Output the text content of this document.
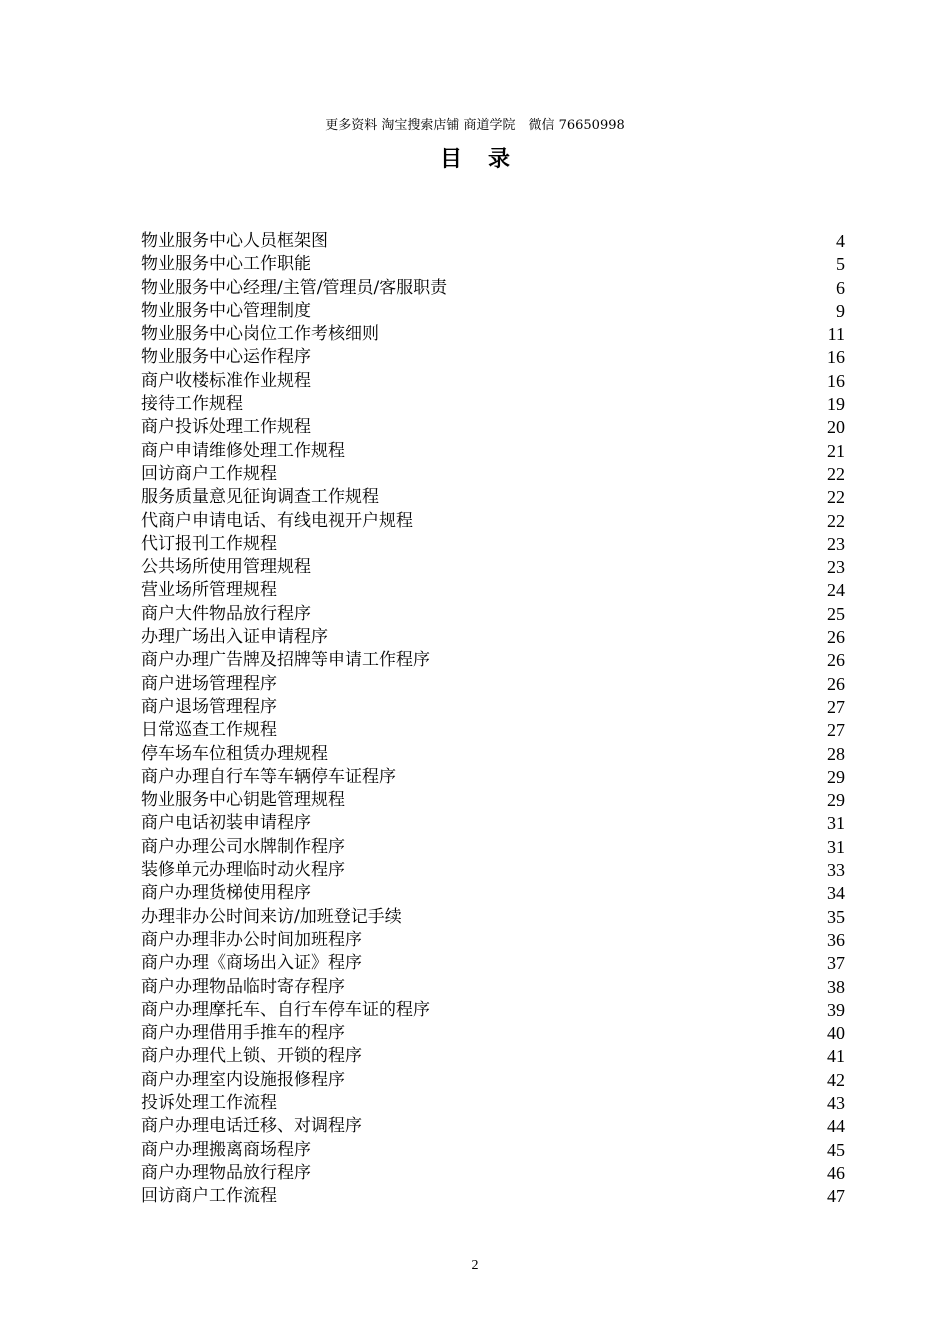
更多资料 淘宝搜索店铺 商道学院　微信 76650998
目录
物业服务中心人员框架图	4
物业服务中心工作职能	5
物业服务中心经理/主管/管理员/客服职责	6
物业服务中心管理制度	9
物业服务中心岗位工作考核细则	11
物业服务中心运作程序	16
商户收楼标准作业规程	16
接待工作规程	19
商户投诉处理工作规程	20
商户申请维修处理工作规程	21
回访商户工作规程	22
服务质量意见征询调查工作规程	22
代商户申请电话、有线电视开户规程	22
代订报刊工作规程	23
公共场所使用管理规程	23
营业场所管理规程	24
商户大件物品放行程序	25
办理广场出入证申请程序	26
商户办理广告牌及招牌等申请工作程序	26
商户进场管理程序	26
商户退场管理程序	27
日常巡查工作规程	27
停车场车位租赁办理规程	28
商户办理自行车等车辆停车证程序	29
物业服务中心钥匙管理规程	29
商户电话初装申请程序	31
商户办理公司水牌制作程序	31
装修单元办理临时动火程序	33
商户办理货梯使用程序	34
办理非办公时间来访/加班登记手续	35
商户办理非办公时间加班程序	36
商户办理《商场出入证》程序	37
商户办理物品临时寄存程序	38
商户办理摩托车、自行车停车证的程序	39
商户办理借用手推车的程序	40
商户办理代上锁、开锁的程序	41
商户办理室内设施报修程序	42
投诉处理工作流程	43
商户办理电话迁移、对调程序	44
商户办理搬离商场程序	45
商户办理物品放行程序	46
回访商户工作流程	47
2
